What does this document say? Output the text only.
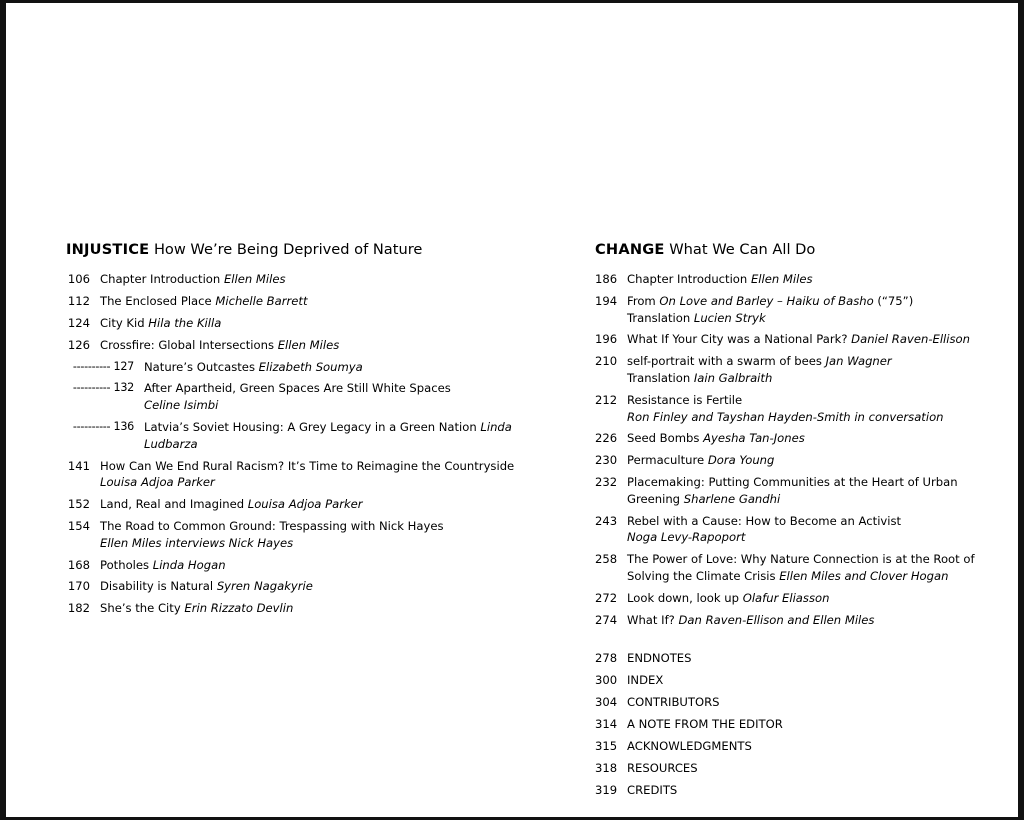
INJUSTICE How We’re Being Deprived of Nature
106 Chapter Introduction Ellen Miles
112 The Enclosed Place Michelle Barrett
124 City Kid Hila the Killa
126 Crossfire: Global Intersections Ellen Miles
---------- 127 Nature’s Outcastes Elizabeth Soumya
---------- 132 After Apartheid, Green Spaces Are Still White Spaces
Celine Isimbi
---------- 136 Latvia’s Soviet Housing: A Grey Legacy in a Green Nation Linda Ludbarza
141 How Can We End Rural Racism? It’s Time to Reimagine the Countryside Louisa Adjoa Parker
152 Land, Real and Imagined Louisa Adjoa Parker
154 The Road to Common Ground: Trespassing with Nick Hayes
Ellen Miles interviews Nick Hayes
168 Potholes Linda Hogan
170 Disability is Natural Syren Nagakyrie
182 She’s the City Erin Rizzato Devlin
CHANGE What We Can All Do
186 Chapter Introduction Ellen Miles
194 From On Love and Barley – Haiku of Basho (“75”)
Translation Lucien Stryk
196 What If Your City was a National Park? Daniel Raven-Ellison
210 self-portrait with a swarm of bees Jan Wagner
Translation Iain Galbraith
212 Resistance is Fertile
Ron Finley and Tayshan Hayden-Smith in conversation
226 Seed Bombs Ayesha Tan-Jones
230 Permaculture Dora Young
232 Placemaking: Putting Communities at the Heart of Urban Greening Sharlene Gandhi
243 Rebel with a Cause: How to Become an Activist
Noga Levy-Rapoport
258 The Power of Love: Why Nature Connection is at the Root of Solving the Climate Crisis Ellen Miles and Clover Hogan
272 Look down, look up Olafur Eliasson
274 What If? Dan Raven-Ellison and Ellen Miles
278 ENDNOTES
300 INDEX
304 CONTRIBUTORS
314 A NOTE FROM THE EDITOR
315 ACKNOWLEDGMENTS
318 RESOURCES
319 CREDITS
